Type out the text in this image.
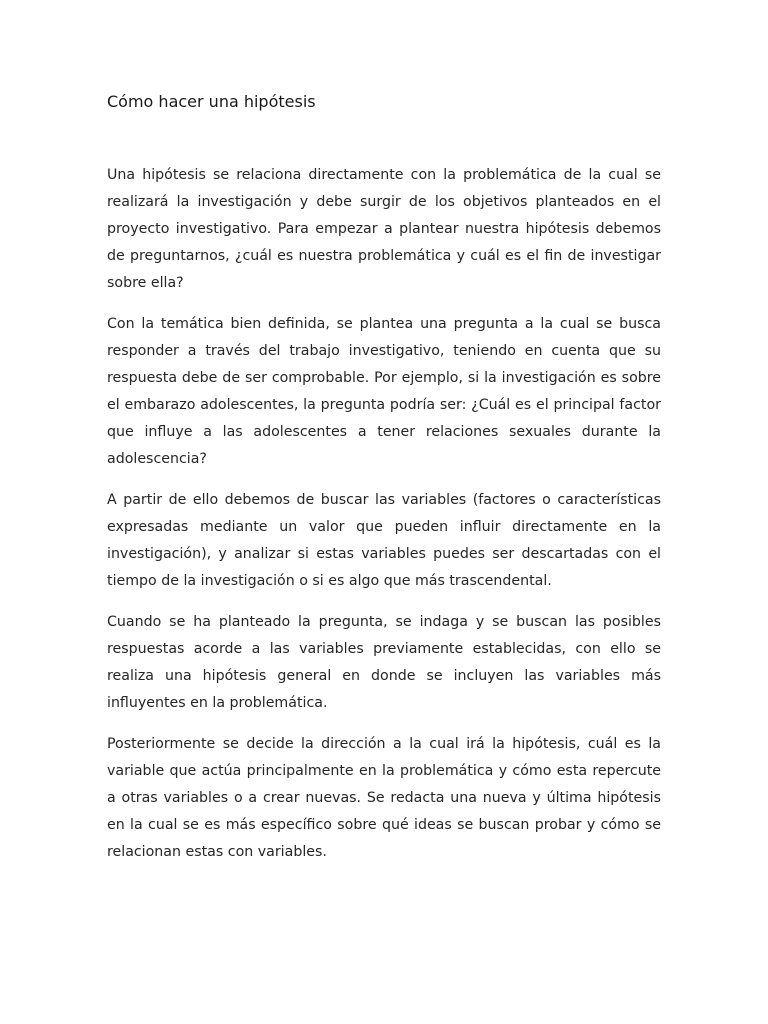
Cómo hacer una hipótesis

Una hipótesis se relaciona directamente con la problemática de la cual se realizará la investigación y debe surgir de los objetivos planteados en el proyecto investigativo. Para empezar a plantear nuestra hipótesis debemos de preguntarnos, ¿cuál es nuestra problemática y cuál es el fin de investigar sobre ella?

Con la temática bien definida, se plantea una pregunta a la cual se busca responder a través del trabajo investigativo, teniendo en cuenta que su respuesta debe de ser comprobable. Por ejemplo, si la investigación es sobre el embarazo adolescentes, la pregunta podría ser: ¿Cuál es el principal factor que influye a las adolescentes a tener relaciones sexuales durante la adolescencia?

A partir de ello debemos de buscar las variables (factores o características expresadas mediante un valor que pueden influir directamente en la investigación), y analizar si estas variables puedes ser descartadas con el tiempo de la investigación o si es algo que más trascendental.

Cuando se ha planteado la pregunta, se indaga y se buscan las posibles respuestas acorde a las variables previamente establecidas, con ello se realiza una hipótesis general en donde se incluyen las variables más influyentes en la problemática.

Posteriormente se decide la dirección a la cual irá la hipótesis, cuál es la variable que actúa principalmente en la problemática y cómo esta repercute a otras variables o a crear nuevas. Se redacta una nueva y última hipótesis en la cual se es más específico sobre qué ideas se buscan probar y cómo se relacionan estas con variables.
